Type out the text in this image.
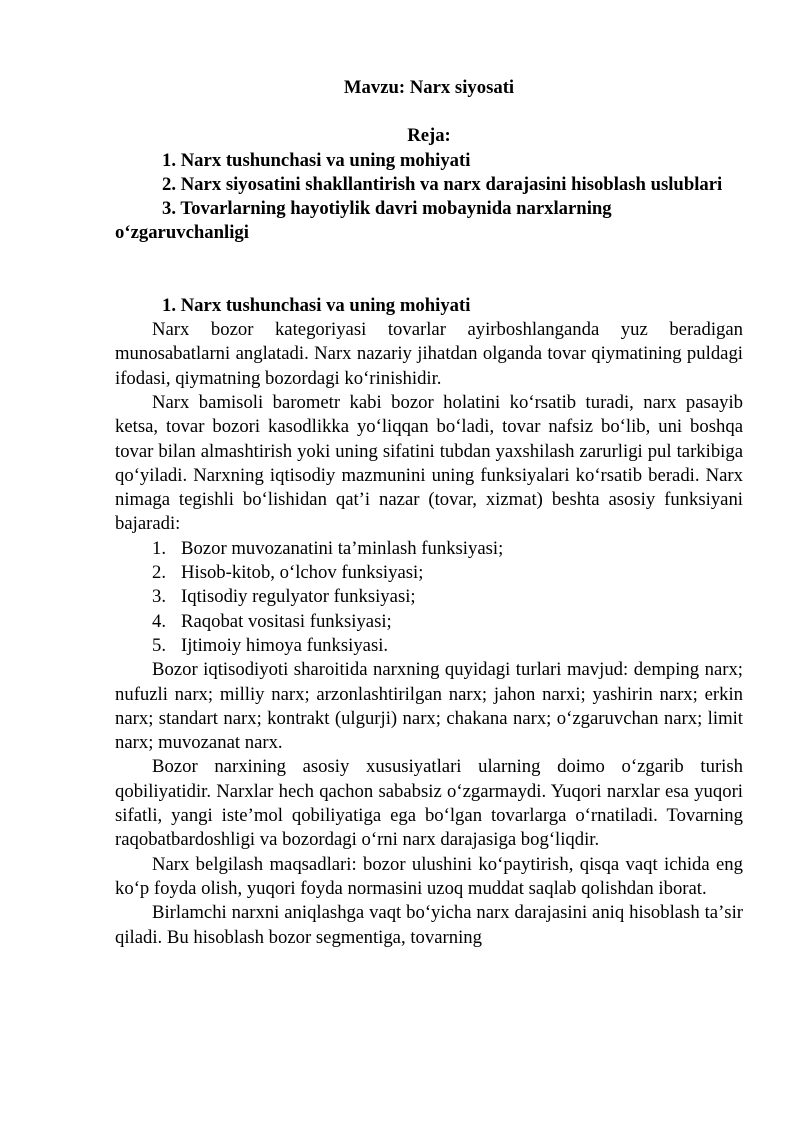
Mavzu: Narx siyosati

Reja:

1. Narx tushunchasi va uning mohiyati

2. Narx siyosatini shakllantirish va narx darajasini hisoblash uslublari

3. Tovarlarning hayotiylik davri mobaynida narxlarning oʻzgaruvchanligi

1. Narx tushunchasi va uning mohiyati

Narx bozor kategoriyasi tovarlar ayirboshlanganda yuz beradigan munosabatlarni anglatadi. Narx nazariy jihatdan olganda tovar qiymatining puldagi ifodasi, qiymatning bozordagi koʻrinishidir.

Narx bamisoli barometr kabi bozor holatini koʻrsatib turadi, narx pasayib ketsa, tovar bozori kasodlikka yoʻliqqan boʻladi, tovar nafsiz boʻlib, uni boshqa tovar bilan almashtirish yoki uning sifatini tubdan yaxshilash zarurligi pul tarkibiga qoʻyiladi. Narxning iqtisodiy mazmunini uning funksiyalari koʻrsatib beradi. Narx nimaga tegishli boʻlishidan qatʼi nazar (tovar, xizmat) beshta asosiy funksiyani bajaradi:

1. Bozor muvozanatini taʼminlash funksiyasi;
2. Hisob-kitob, oʻlchov funksiyasi;
3. Iqtisodiy regulyator funksiyasi;
4. Raqobat vositasi funksiyasi;
5. Ijtimoiy himoya funksiyasi.

Bozor iqtisodiyoti sharoitida narxning quyidagi turlari mavjud: demping narx; nufuzli narx; milliy narx; arzonlashtirilgan narx; jahon narxi; yashirin narx; erkin narx; standart narx; kontrakt (ulgurji) narx; chakana narx; oʻzgaruvchan narx; limit narx; muvozanat narx.

Bozor narxining asosiy xususiyatlari ularning doimo oʻzgarib turish qobiliyatidir. Narxlar hech qachon sababsiz oʻzgarmaydi. Yuqori narxlar esa yuqori sifatli, yangi isteʼmol qobiliyatiga ega boʻlgan tovarlarga oʻrnatiladi. Tovarning raqobatbardoshligi va bozordagi oʻrni narx darajasiga bogʻliqdir.

Narx belgilash maqsadlari: bozor ulushini koʻpaytirish, qisqa vaqt ichida eng koʻp foyda olish, yuqori foyda normasini uzoq muddat saqlab qolishdan iborat.

Birlamchi narxni aniqlashga vaqt boʻyicha narx darajasini aniq hisoblash taʼsir qiladi. Bu hisoblash bozor segmentiga, tovarning
